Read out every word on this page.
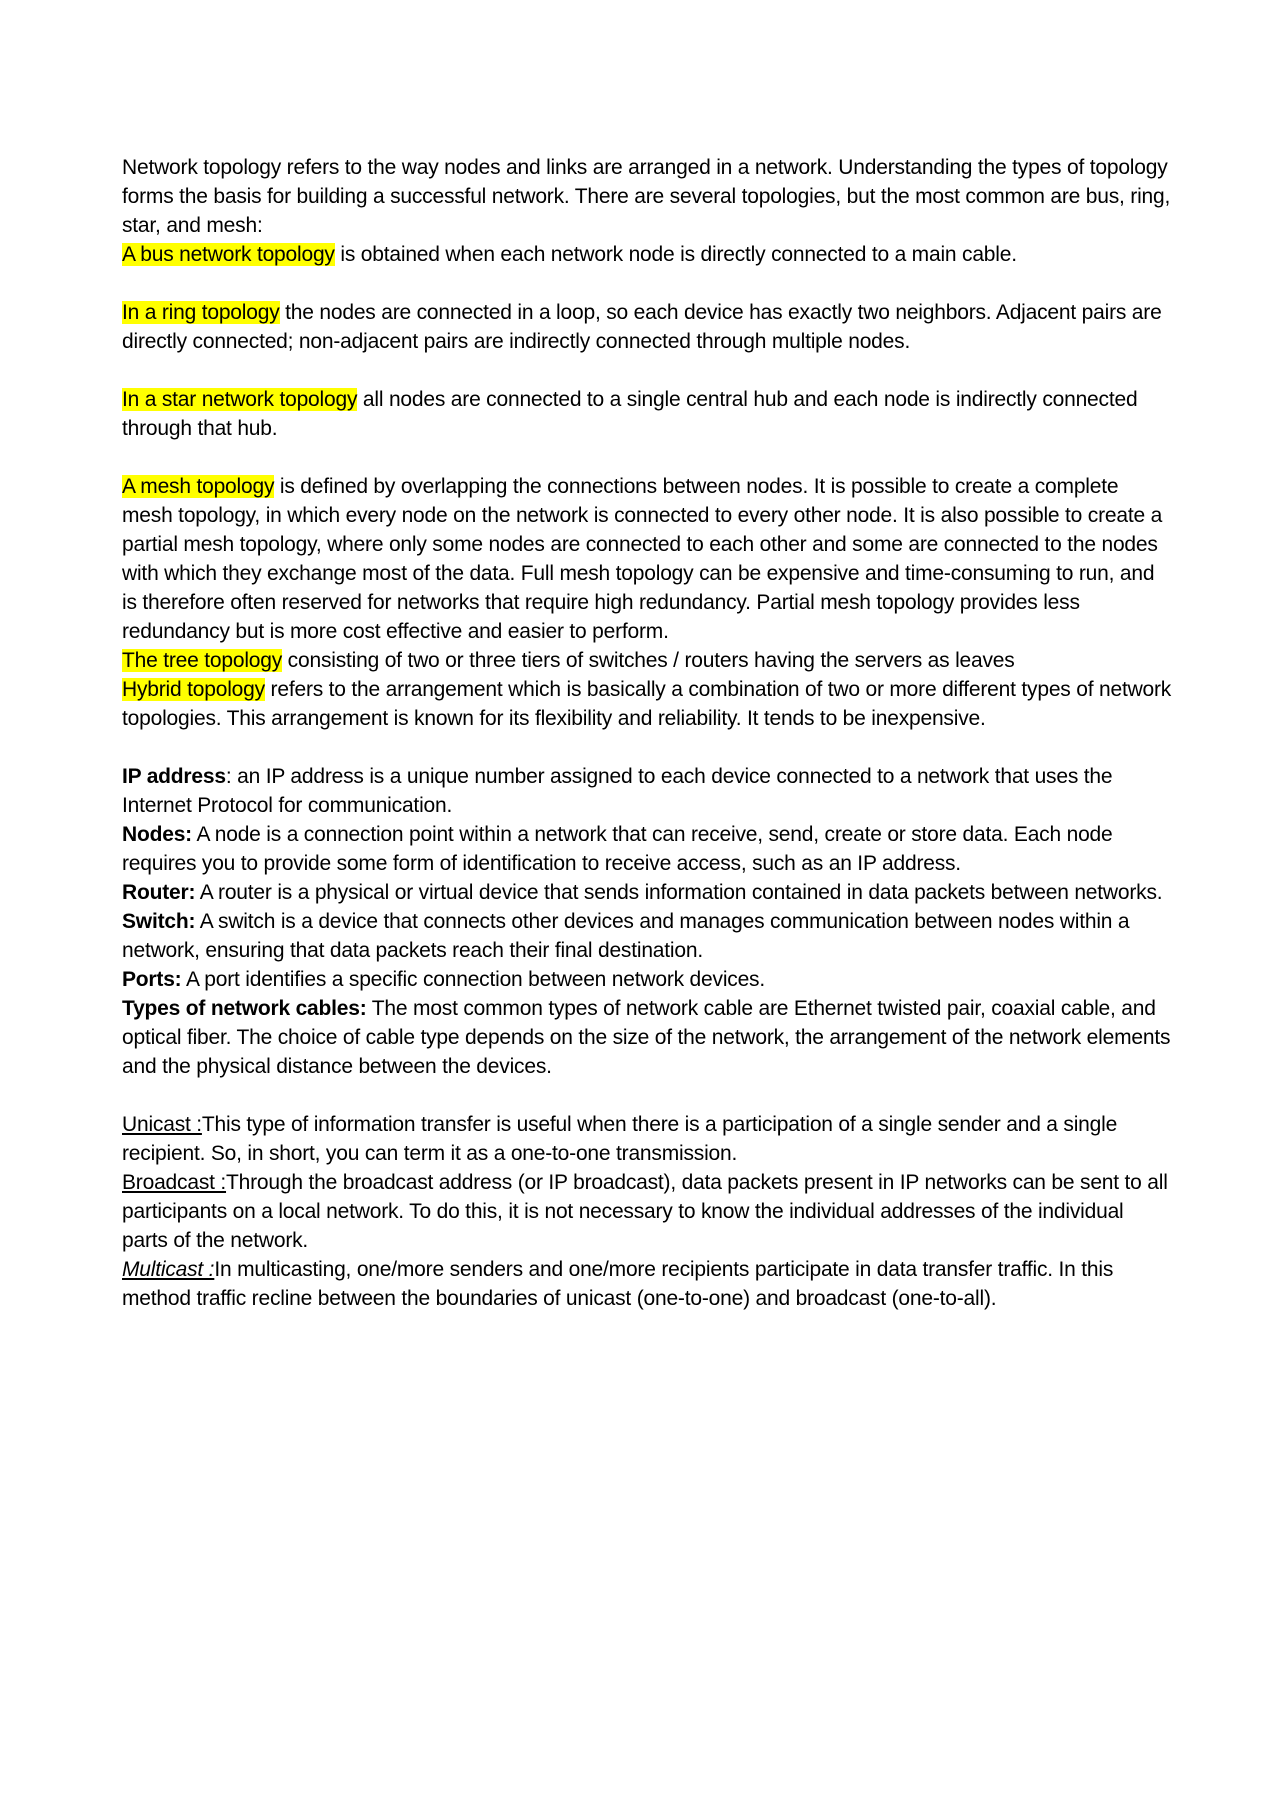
Network topology refers to the way nodes and links are arranged in a network. Understanding the types of topology forms the basis for building a successful network. There are several topologies, but the most common are bus, ring, star, and mesh:

A bus network topology is obtained when each network node is directly connected to a main cable.

In a ring topology the nodes are connected in a loop, so each device has exactly two neighbors. Adjacent pairs are directly connected; non-adjacent pairs are indirectly connected through multiple nodes.

In a star network topology all nodes are connected to a single central hub and each node is indirectly connected through that hub.

A mesh topology is defined by overlapping the connections between nodes. It is possible to create a complete mesh topology, in which every node on the network is connected to every other node. It is also possible to create a partial mesh topology, where only some nodes are connected to each other and some are connected to the nodes with which they exchange most of the data. Full mesh topology can be expensive and time-consuming to run, and is therefore often reserved for networks that require high redundancy. Partial mesh topology provides less redundancy but is more cost effective and easier to perform.

The tree topology consisting of two or three tiers of switches / routers having the servers as leaves

Hybrid topology refers to the arrangement which is basically a combination of two or more different types of network topologies. This arrangement is known for its flexibility and reliability. It tends to be inexpensive.

IP address: an IP address is a unique number assigned to each device connected to a network that uses the Internet Protocol for communication.

Nodes: A node is a connection point within a network that can receive, send, create or store data. Each node requires you to provide some form of identification to receive access, such as an IP address.

Router: A router is a physical or virtual device that sends information contained in data packets between networks.

Switch: A switch is a device that connects other devices and manages communication between nodes within a network, ensuring that data packets reach their final destination.

Ports: A port identifies a specific connection between network devices.

Types of network cables: The most common types of network cable are Ethernet twisted pair, coaxial cable, and optical fiber. The choice of cable type depends on the size of the network, the arrangement of the network elements and the physical distance between the devices.

Unicast :This type of information transfer is useful when there is a participation of a single sender and a single recipient. So, in short, you can term it as a one-to-one transmission.

Broadcast :Through the broadcast address (or IP broadcast), data packets present in IP networks can be sent to all participants on a local network. To do this, it is not necessary to know the individual addresses of the individual parts of the network.

Multicast :In multicasting, one/more senders and one/more recipients participate in data transfer traffic. In this method traffic recline between the boundaries of unicast (one-to-one) and broadcast (one-to-all).
